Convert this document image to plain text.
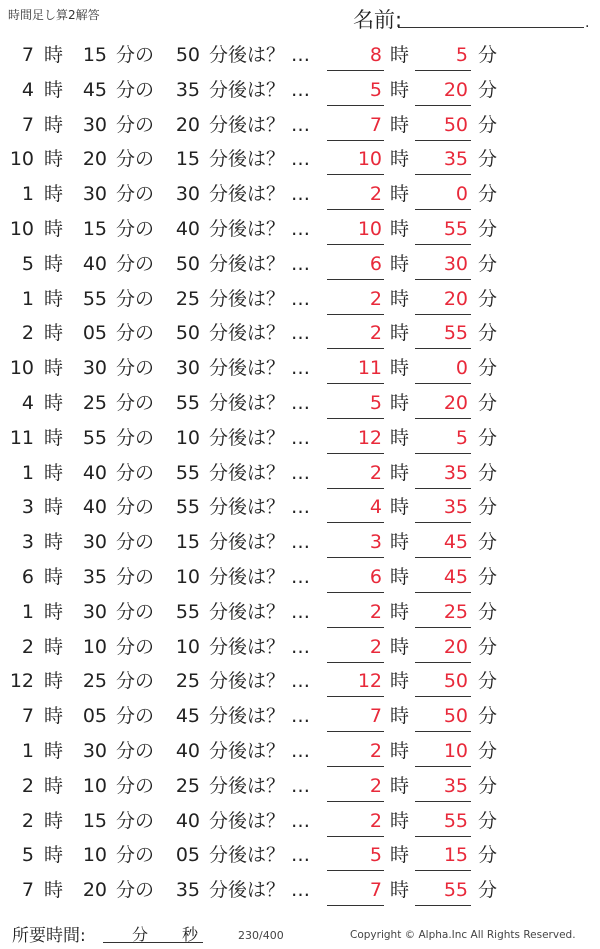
時間足し算2解答	名前:	.
7 時	15 分の	50 分後は？ …	8 時	5 分
4 時	45 分の	35 分後は？ …	5 時	20 分
7 時	30 分の	20 分後は？ …	7 時	50 分
10 時	20 分の	15 分後は？ …	10 時	35 分
1 時	30 分の	30 分後は？ …	2 時	0 分
10 時	15 分の	40 分後は？ …	10 時	55 分
5 時	40 分の	50 分後は？ …	6 時	30 分
1 時	55 分の	25 分後は？ …	2 時	20 分
2 時	05 分の	50 分後は？ …	2 時	55 分
10 時	30 分の	30 分後は？ …	11 時	0 分
4 時	25 分の	55 分後は？ …	5 時	20 分
11 時	55 分の	10 分後は？ …	12 時	5 分
1 時	40 分の	55 分後は？ …	2 時	35 分
3 時	40 分の	55 分後は？ …	4 時	35 分
3 時	30 分の	15 分後は？ …	3 時	45 分
6 時	35 分の	10 分後は？ …	6 時	45 分
1 時	30 分の	55 分後は？ …	2 時	25 分
2 時	10 分の	10 分後は？ …	2 時	20 分
12 時	25 分の	25 分後は？ …	12 時	50 分
7 時	05 分の	45 分後は？ …	7 時	50 分
1 時	30 分の	40 分後は？ …	2 時	10 分
2 時	10 分の	25 分後は？ …	2 時	35 分
2 時	15 分の	40 分後は？ …	2 時	55 分
5 時	10 分の	05 分後は？ …	5 時	15 分
7 時	20 分の	35 分後は？ …	7 時	55 分
所要時間:	分 秒	230/400	Copyright © Alpha.Inc All Rights Reserved.
